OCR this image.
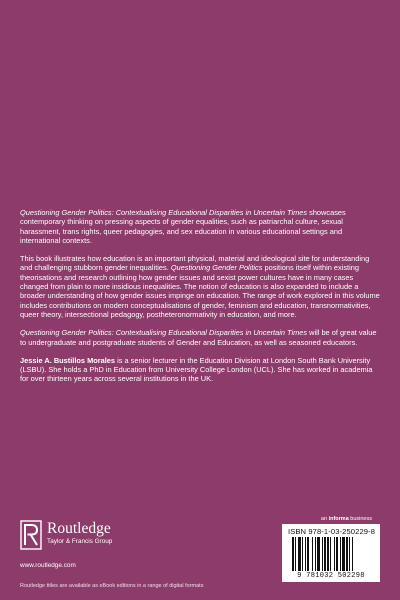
Questioning Gender Politics: Contextualising Educational Disparities in Uncertain Times showcases contemporary thinking on pressing aspects of gender equalities, such as patriarchal culture, sexual harassment, trans rights, queer pedagogies, and sex education in various educational settings and international contexts.

This book illustrates how education is an important physical, material and ideological site for understanding and challenging stubborn gender inequalities. Questioning Gender Politics positions itself within existing theorisations and research outlining how gender issues and sexist power cultures have in many cases changed from plain to more insidious inequalities. The notion of education is also expanded to include a broader understanding of how gender issues impinge on education. The range of work explored in this volume includes contributions on modern conceptualisations of gender, feminism and education, transnormativities, queer theory, intersectional pedagogy, postheteronormativity in education, and more.

Questioning Gender Politics: Contextualising Educational Disparities in Uncertain Times will be of great value to undergraduate and postgraduate students of Gender and Education, as well as seasoned educators.

Jessie A. Bustillos Morales is a senior lecturer in the Education Division at London South Bank University (LSBU). She holds a PhD in Education from University College London (UCL). She has worked in academia for over thirteen years across several institutions in the UK.

Routledge
Taylor & Francis Group
www.routledge.com
Routledge titles are available as eBook editions in a range of digital formats
an informa business
ISBN 978-1-03-250229-8
9 781032 502298
